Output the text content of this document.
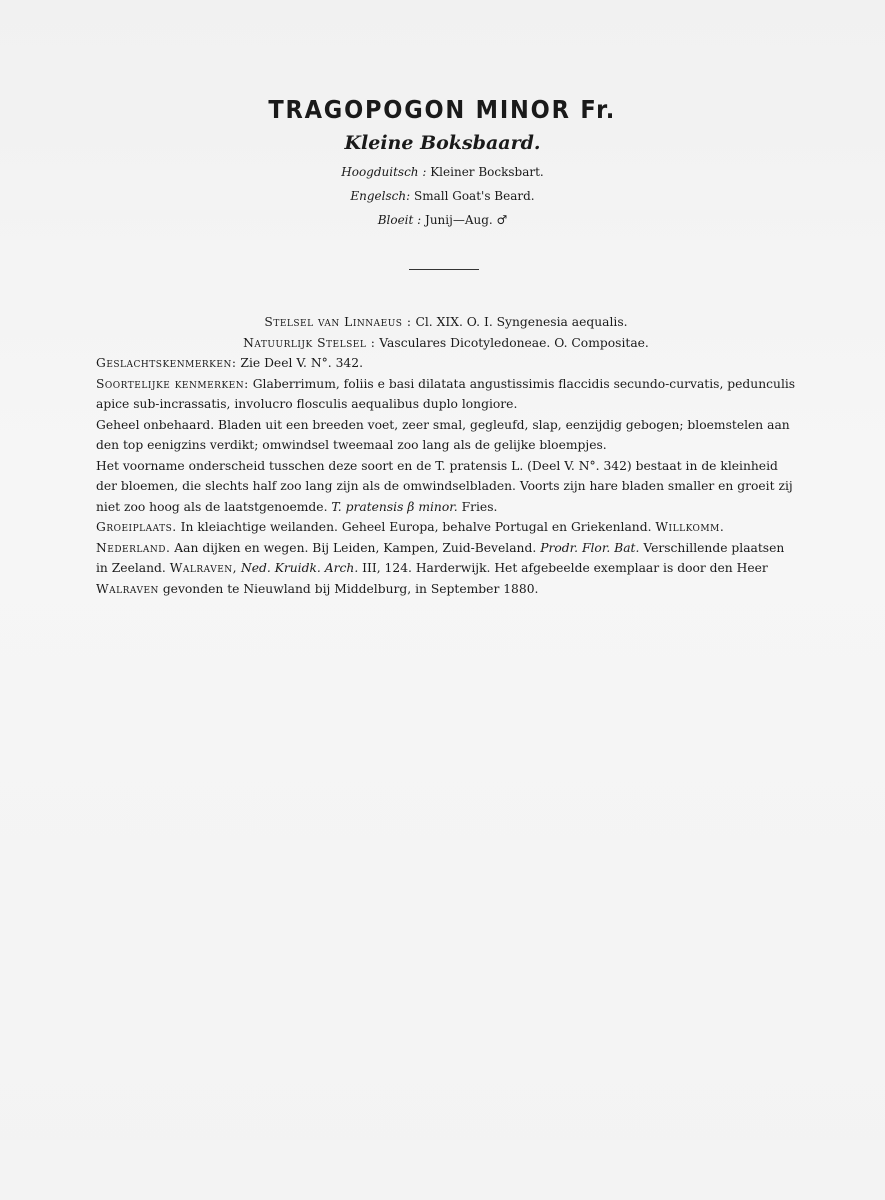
TRAGOPOGON MINOR Fr.
Kleine Boksbaard.
Hoogduitsch : Kleiner Bocksbart.
Engelsch: Small Goat's Beard.
Bloeit : Junij—Aug. ♂
Stelsel van Linnaeus : Cl. XIX. O. I. Syngenesia aequalis.
Natuurlijk Stelsel : Vasculares Dicotyledoneae. O. Compositae.

Geslachtskenmerken: Zie Deel V. N°. 342.

Soortelijke kenmerken: Glaberrimum, foliis e basi dilatata angustissimis flaccidis secundo-curvatis, pedunculis apice sub-incrassatis, involucro flosculis aequalibus duplo longiore.

Geheel onbehaard. Bladen uit een breeden voet, zeer smal, gegleufd, slap, eenzijdig gebogen; bloemstelen aan den top eenigzins verdikt; omwindsel tweemaal zoo lang als de gelijke bloempjes.

Het voorname onderscheid tusschen deze soort en de T. pratensis L. (Deel V. N°. 342) bestaat in de kleinheid der bloemen, die slechts half zoo lang zijn als de omwindselbladen. Voorts zijn hare bladen smaller en groeit zij niet zoo hoog als de laatstgenoemde. T. pratensis β minor. Fries.

Groeiplaats. In kleiachtige weilanden. Geheel Europa, behalve Portugal en Griekenland. Willkomm.

Nederland. Aan dijken en wegen. Bij Leiden, Kampen, Zuid-Beveland. Prodr. Flor. Bat. Verschillende plaatsen in Zeeland. Walraven, Ned. Kruidk. Arch. III, 124. Harderwijk. Het afgebeelde exemplaar is door den Heer Walraven gevonden te Nieuwland bij Middelburg, in September 1880.
